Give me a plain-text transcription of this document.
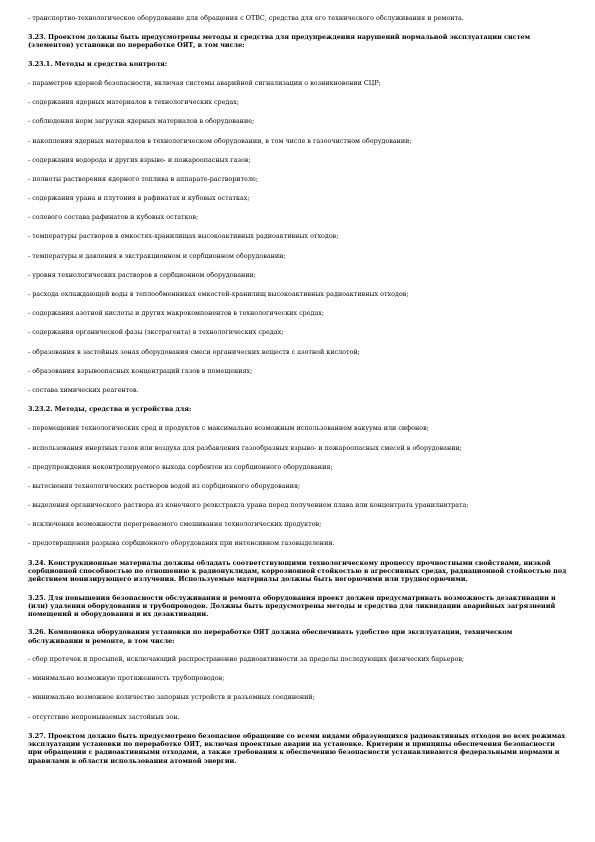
- транспортно-технологическое оборудование для обращения с ОТВС, средства для его технического обслуживания и ремонта.

3.23. Проектом должны быть предусмотрены методы и средства для предупреждения нарушений нормальной эксплуатации систем (элементов) установки по переработке ОЯТ, в том числе:

3.23.1. Методы и средства контроля:

- параметров ядерной безопасности, включая системы аварийной сигнализации о возникновении СЦР;

- содержания ядерных материалов в технологических средах;

- соблюдения норм загрузки ядерных материалов в оборудование;

- накопления ядерных материалов в технологическом оборудовании, в том числе в газоочистном оборудовании;

- содержания водорода и других взрыво- и пожароопасных газов;

- полноты растворения ядерного топлива в аппарате-растворителе;

- содержания урана и плутония в рафинатах и кубовых остатках;

- солевого состава рафинатов и кубовых остатков;

- температуры растворов в емкостях-хранилищах высокоактивных радиоактивных отходов;

- температуры и давления в экстракционном и сорбционном оборудовании;

- уровня технологических растворов в сорбционном оборудовании;

- расхода охлаждающей воды в теплообменниках емкостей-хранилищ высокоактивных радиоактивных отходов;

- содержания азотной кислоты и других макрокомпонентов в технологических средах;

- содержания органической фазы (экстрагента) в технологических средах;

- образования в застойных зонах оборудования смеси органических веществ с азотной кислотой;

- образования взрывоопасных концентраций газов в помещениях;

- состава химических реагентов.

3.23.2. Методы, средства и устройства для:

- перемещения технологических сред и продуктов с максимально возможным использованием вакуума или сифонов;

- использования инертных газов или воздуха для разбавления газообразных взрыво- и пожароопасных смесей в оборудовании;

- предупреждения неконтролируемого выхода сорбентов из сорбционного оборудования;

- вытеснения технологических растворов водой из сорбционного оборудования;

- выделения органического раствора из конечного реэкстракта урана перед получением плава или концентрата уранилнитрата;

- исключения возможности перегреваемого смешивания технологических продуктов;

- предотвращения разрыва сорбционного оборудования при интенсивном газовыделении.

3.24. Конструкционные материалы должны обладать соответствующими технологическому процессу прочностными свойствами, низкой сорбционной способностью по отношению к радионуклидам, коррозионной стойкостью в агрессивных средах, радиационной стойкостью под действием ионизирующего излучения. Используемые материалы должны быть негорючими или трудногорючими.

3.25. Для повышения безопасности обслуживания и ремонта оборудования проект должен предусматривать возможность дезактивации и (или) удаления оборудования и трубопроводов. Должны быть предусмотрены методы и средства для ликвидации аварийных загрязнений помещений и оборудования и их дезактивации.

3.26. Компоновка оборудования установки по переработке ОЯТ должна обеспечивать удобство при эксплуатации, техническом обслуживании и ремонте, в том числе:

- сбор протечек и просыпей, исключающий распространение радиоактивности за пределы последующих физических барьеров;

- минимально возможную протяженность трубопроводов;

- минимально возможное количество запорных устройств и разъемных соединений;

- отсутствие непромываемых застойных зон.

3.27. Проектом должно быть предусмотрено безопасное обращение со всеми видами образующихся радиоактивных отходов во всех режимах эксплуатации установки по переработке ОЯТ, включая проектные аварии на установке. Критерии и принципы обеспечения безопасности при обращении с радиоактивными отходами, а также требования к обеспечению безопасности устанавливаются федеральными нормами и правилами в области использования атомной энергии.
